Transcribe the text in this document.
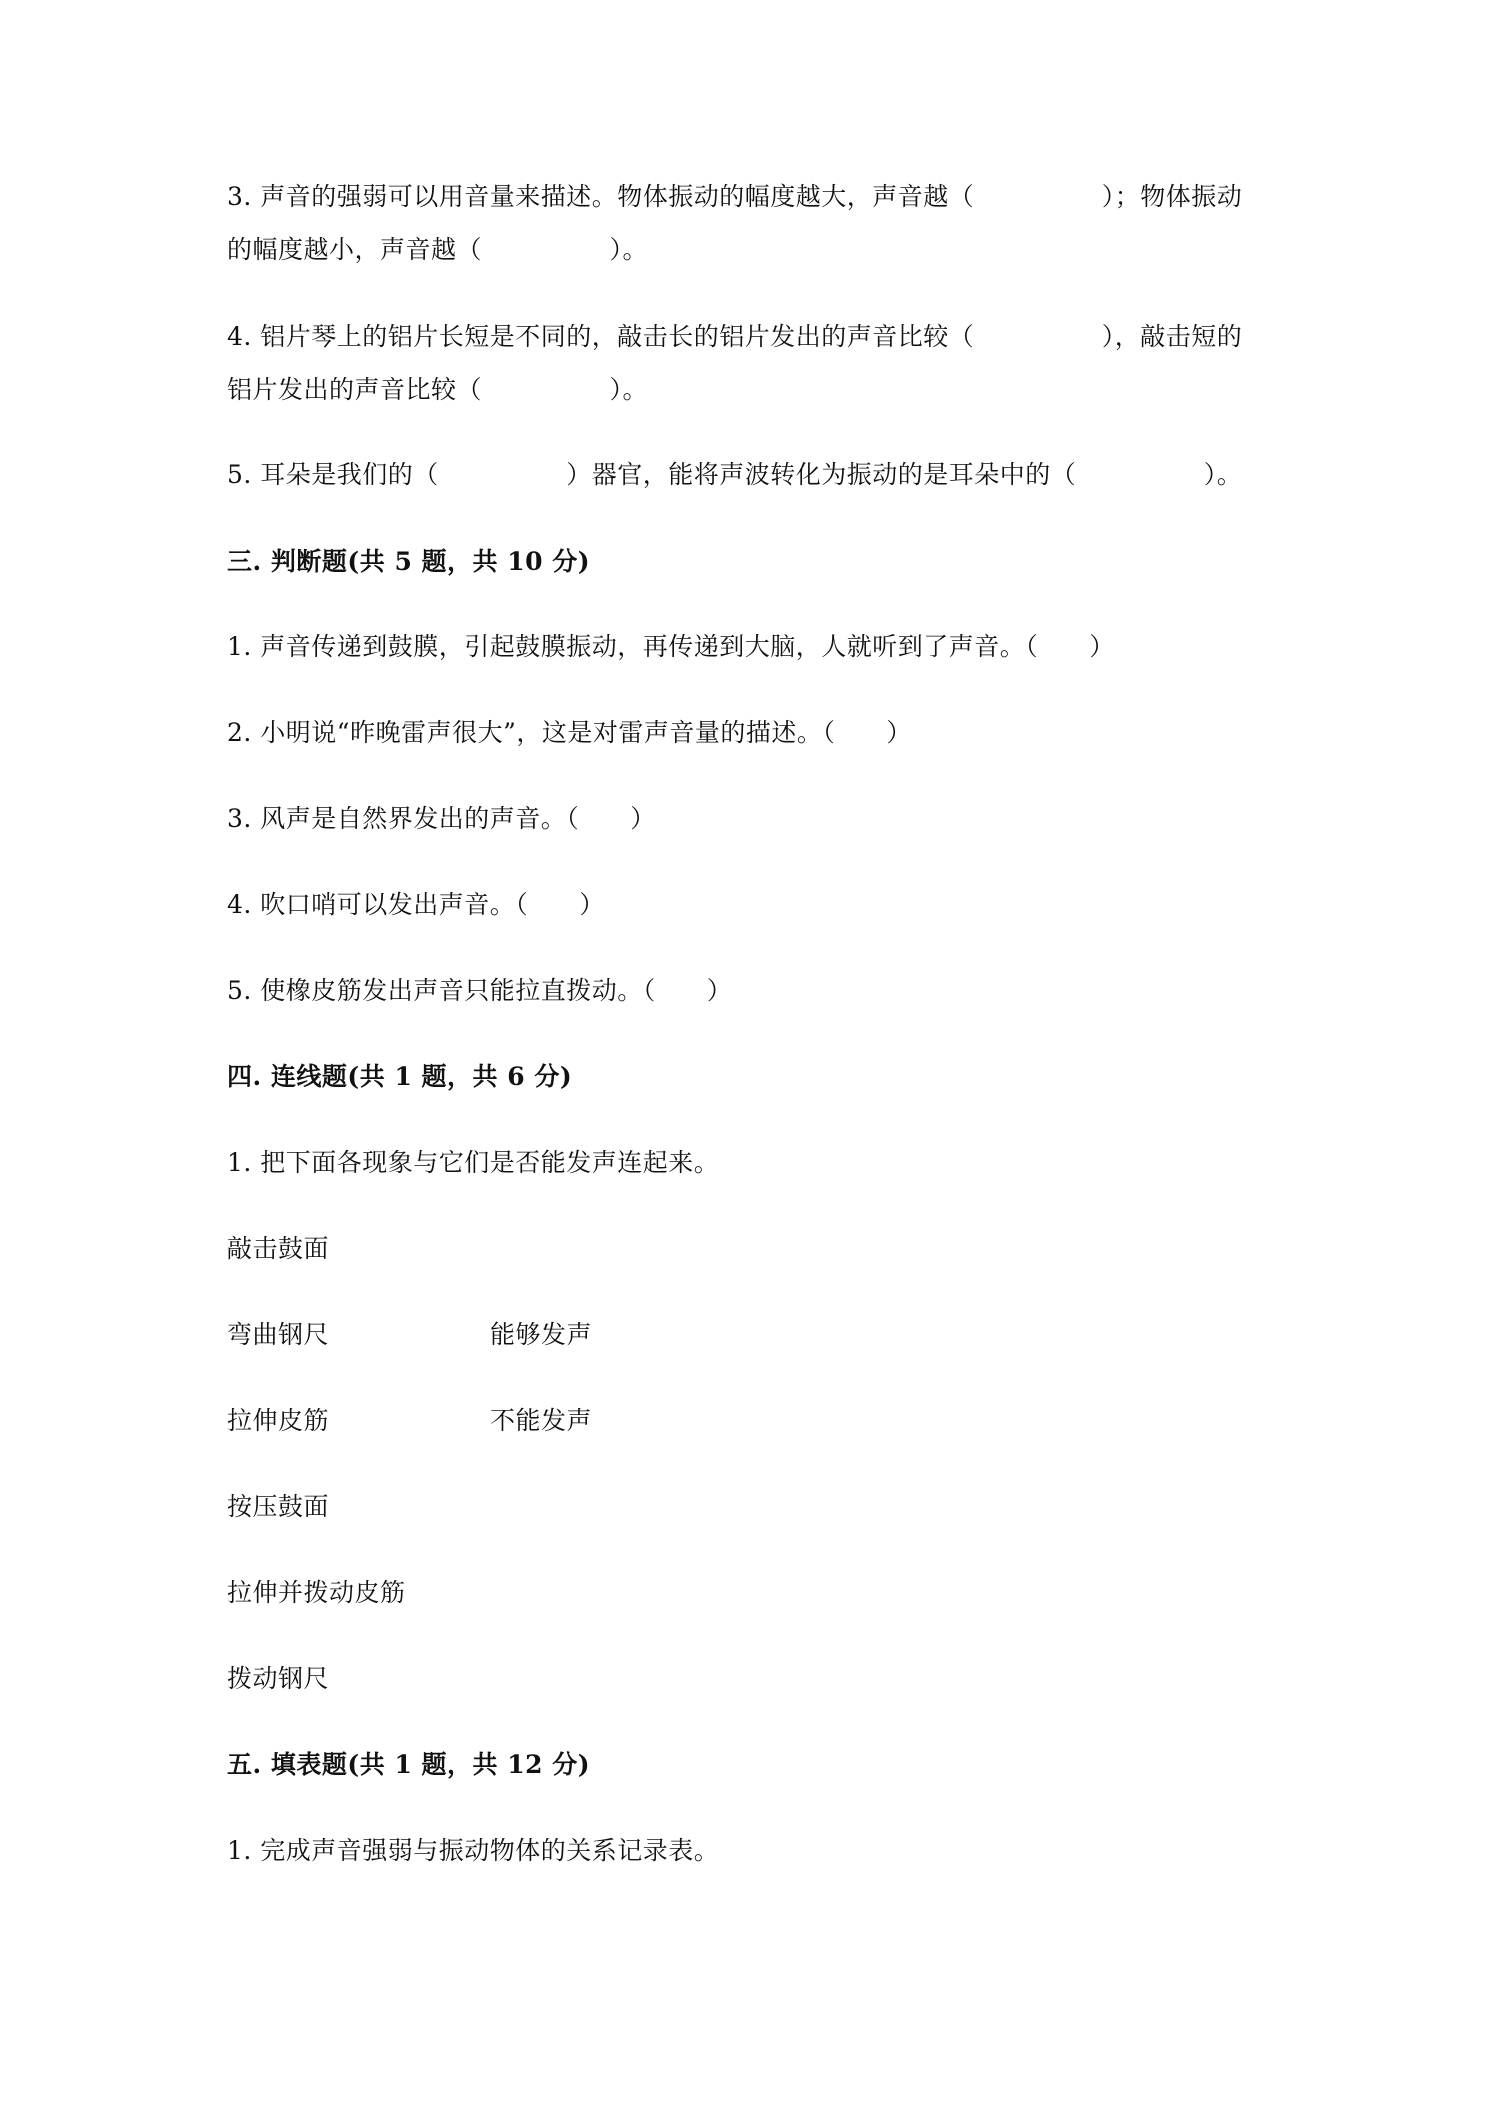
3. 声音的强弱可以用音量来描述。物体振动的幅度越大，声音越（　　　　　）；物体振动
的幅度越小，声音越（　　　　　）。
4. 铝片琴上的铝片长短是不同的，敲击长的铝片发出的声音比较（　　　　　），敲击短的
铝片发出的声音比较（　　　　　）。
5. 耳朵是我们的（　　　　　）器官，能将声波转化为振动的是耳朵中的（　　　　　）。
三. 判断题(共 5 题，共 10 分)
1. 声音传递到鼓膜，引起鼓膜振动，再传递到大脑，人就听到了声音。（　　）
2. 小明说“昨晚雷声很大”，这是对雷声音量的描述。（　　）
3. 风声是自然界发出的声音。（　　）
4. 吹口哨可以发出声音。（　　）
5. 使橡皮筋发出声音只能拉直拨动。（　　）
四. 连线题(共 1 题，共 6 分)
1. 把下面各现象与它们是否能发声连起来。
敲击鼓面
弯曲钢尺	能够发声
拉伸皮筋	不能发声
按压鼓面
拉伸并拨动皮筋
拨动钢尺
五. 填表题(共 1 题，共 12 分)
1. 完成声音强弱与振动物体的关系记录表。
